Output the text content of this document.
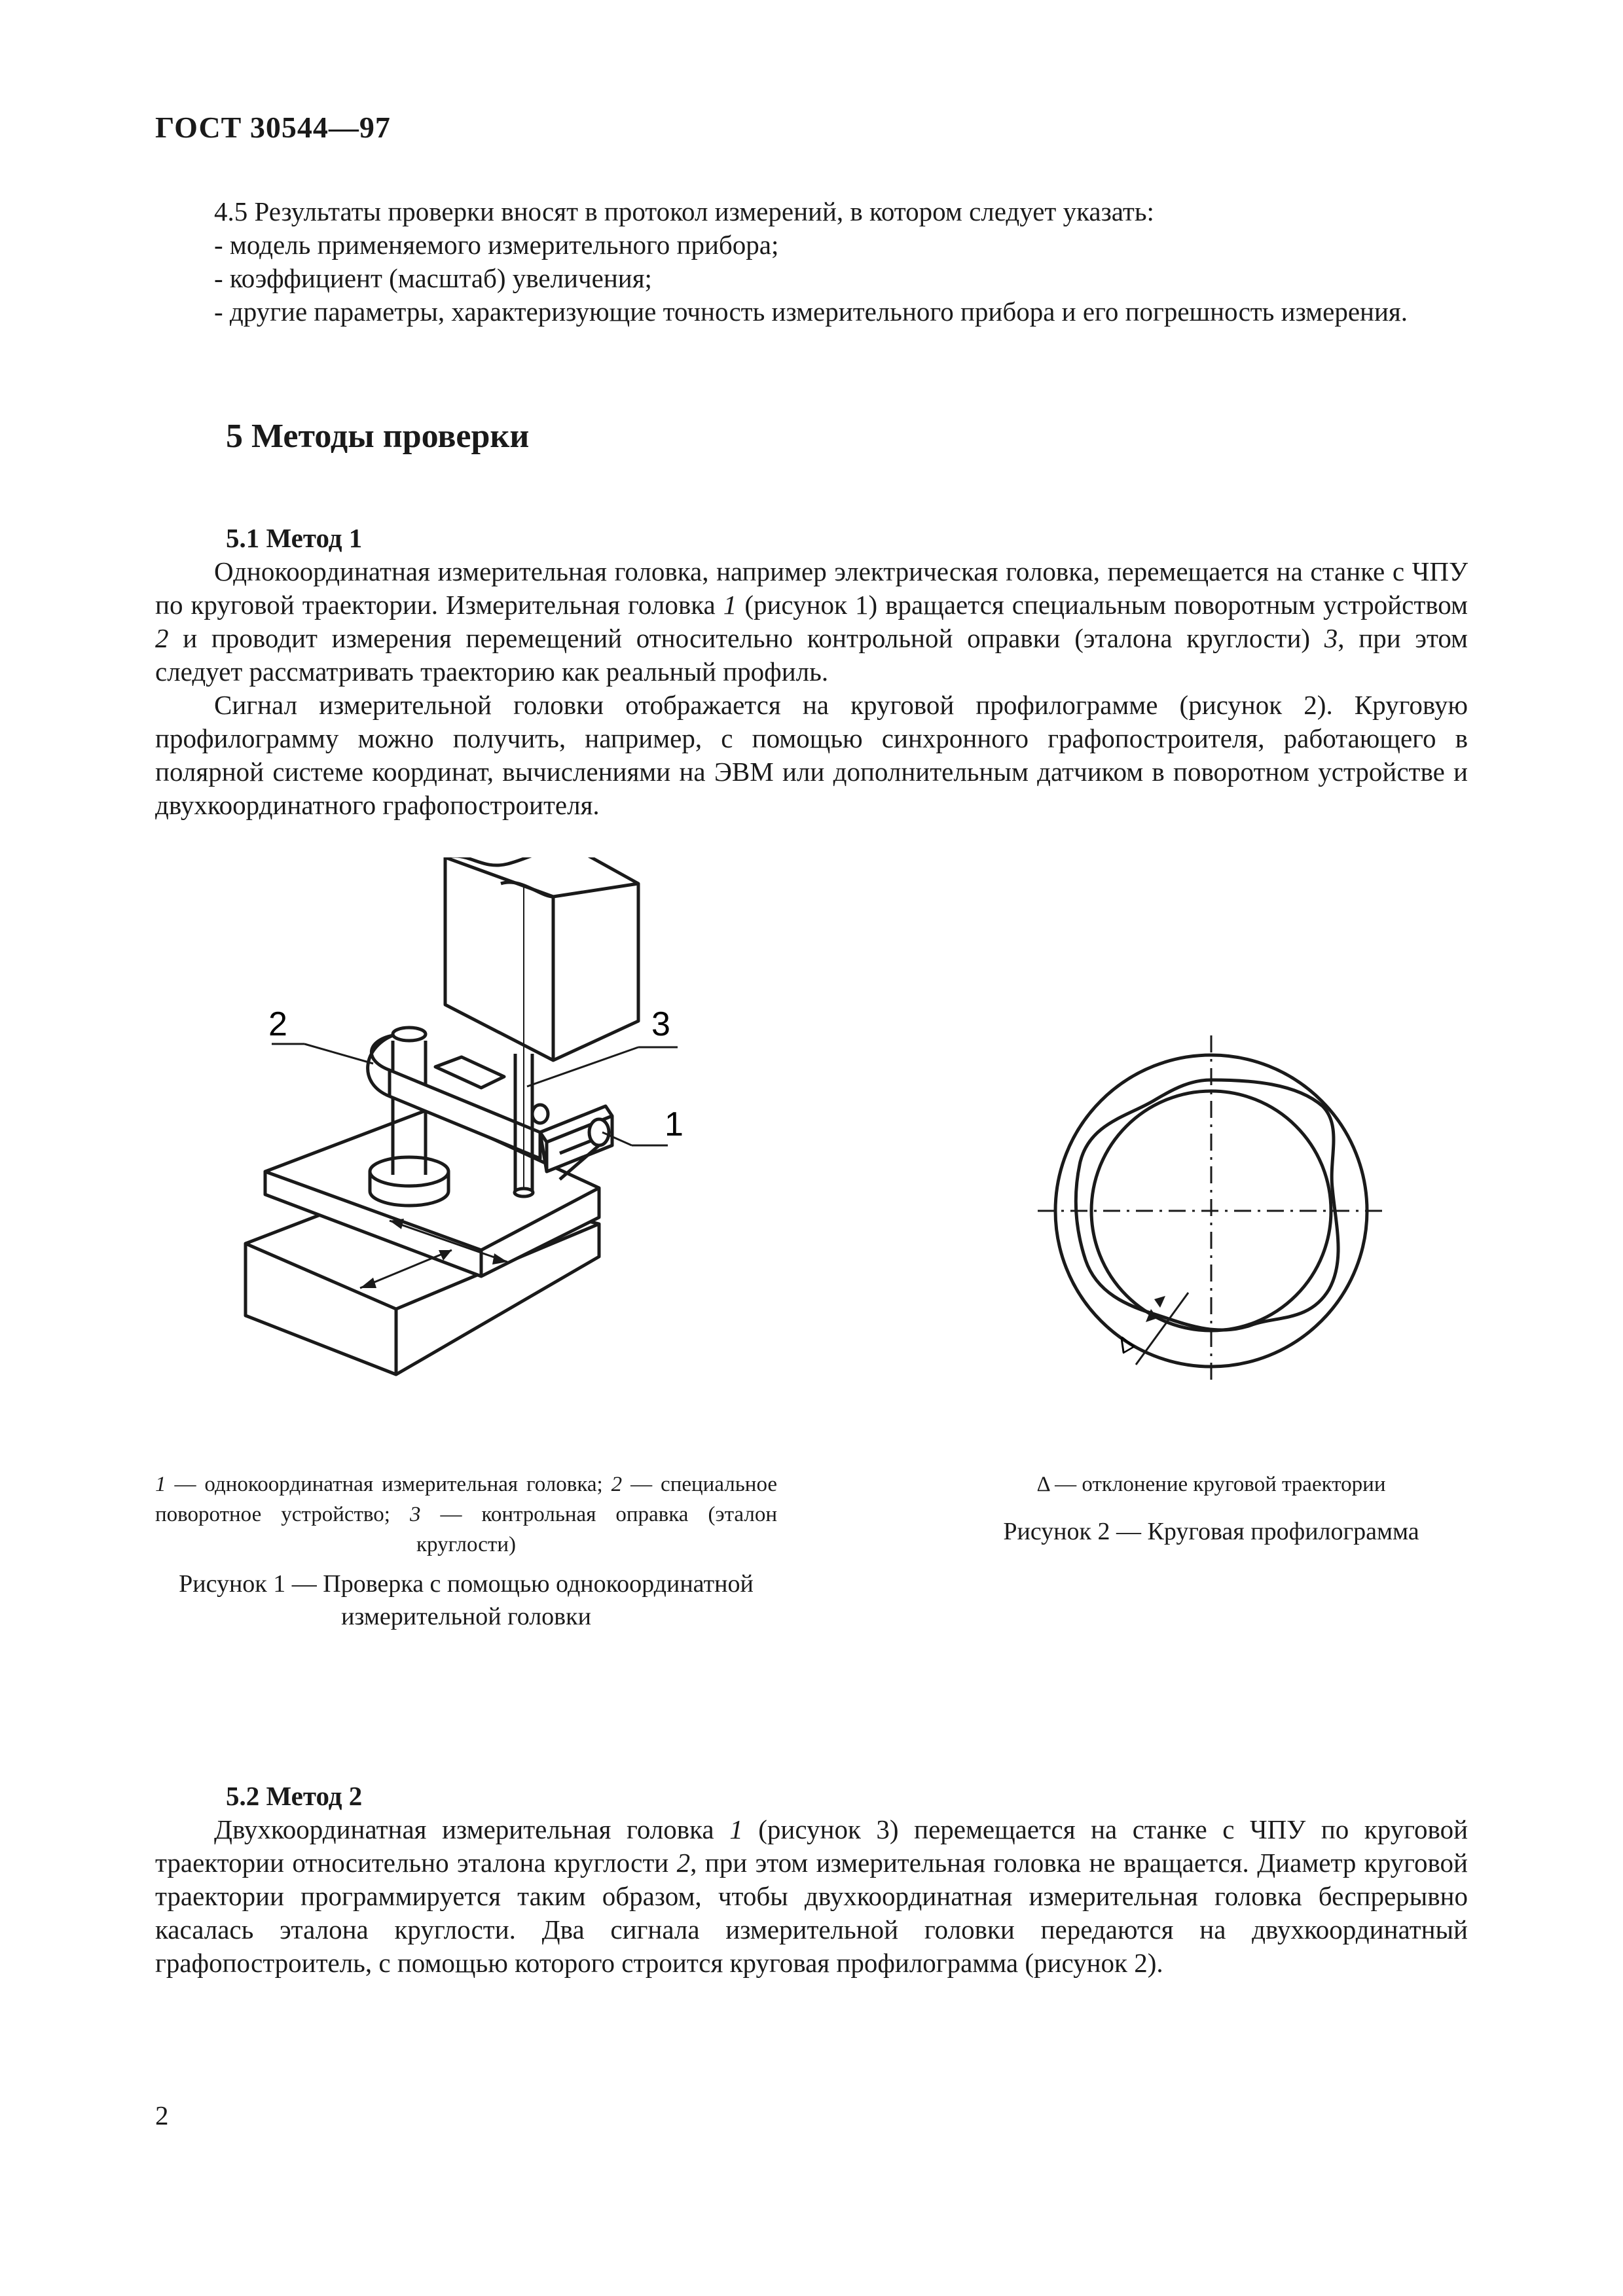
ГОСТ 30544—97

4.5 Результаты проверки вносят в протокол измерений, в котором следует указать:

- модель применяемого измерительного прибора;

- коэффициент (масштаб) увеличения;

- другие параметры, характеризующие точность измерительного прибора и его погрешность измерения.

5 Методы проверки
5.1 Метод 1

Однокоординатная измерительная головка, например электрическая головка, перемещается на станке с ЧПУ по круговой траектории. Измерительная головка 1 (рисунок 1) вращается специальным поворотным устройством 2 и проводит измерения перемещений относительно контрольной оправки (эталона круглости) 3, при этом следует рассматривать траекторию как реальный профиль.

Сигнал измерительной головки отображается на круговой профилограмме (рисунок 2). Круговую профилограмму можно получить, например, с помощью синхронного графопостроителя, работающего в полярной системе координат, вычислениями на ЭВМ или дополнительным датчиком в поворотном устройстве и двухкоординатного графопостроителя.

2	3
1
Δ
1 — однокоординатная измерительная головка; 2 — специальное поворотное устройство; 3 — контрольная оправка (эталон круглости)
Рисунок 1 — Проверка с помощью однокоординатной измерительной головки
Δ — отклонение круговой траектории
Рисунок 2 — Круговая профилограмма
5.2 Метод 2

Двухкоординатная измерительная головка 1 (рисунок 3) перемещается на станке с ЧПУ по круговой траектории относительно эталона круглости 2, при этом измерительная головка не вращается. Диаметр круговой траектории программируется таким образом, чтобы двухкоординатная измерительная головка беспрерывно касалась эталона круглости. Два сигнала измерительной головки передаются на двухкоординатный графопостроитель, с помощью которого строится круговая профилограмма (рисунок 2).

2
